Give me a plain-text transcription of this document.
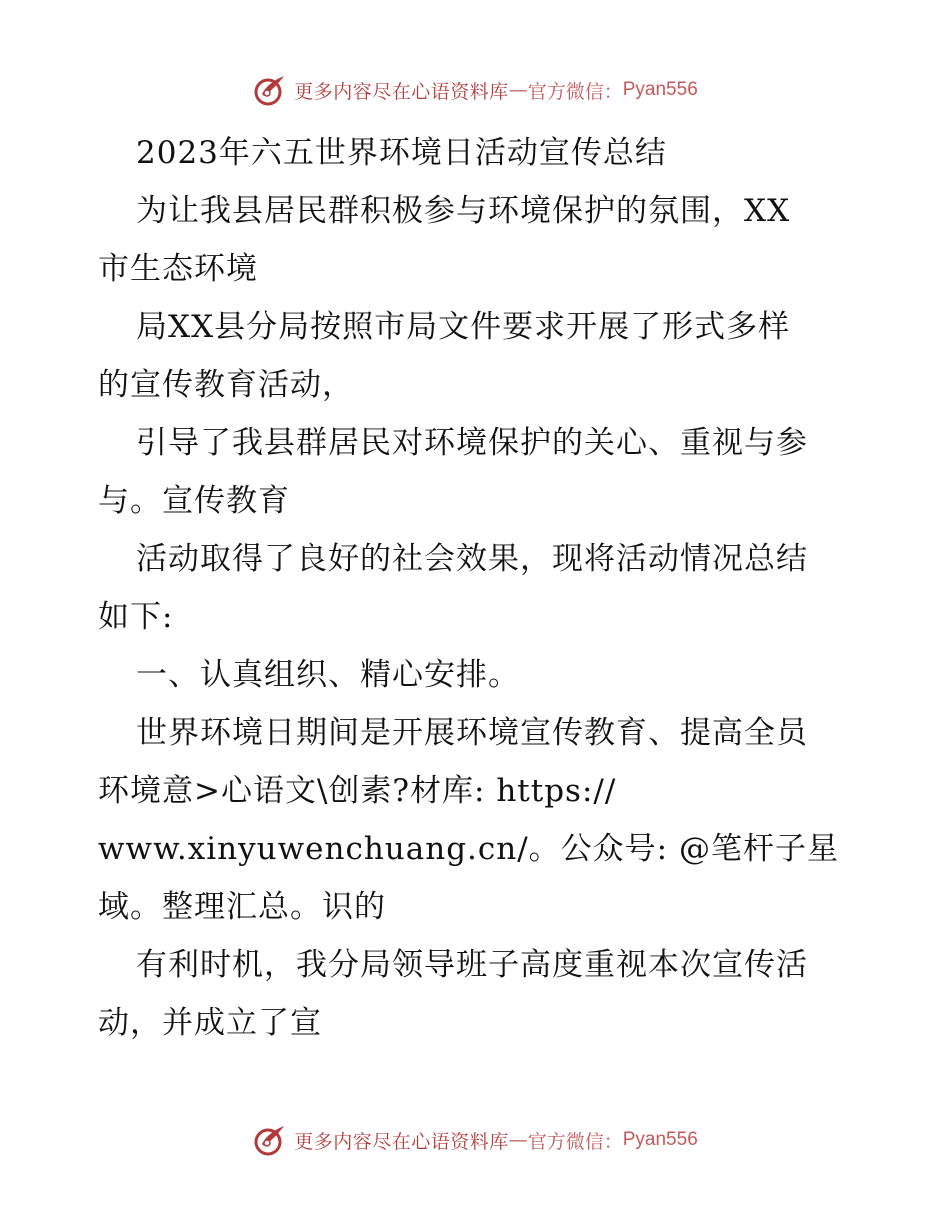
更多内容尽在心语资料库 — 官方微信： Pyan556
2023年六五世界环境日活动宣传总结
为让我县居民群积极参与环境保护的氛围，XX
市生态环境
局XX县分局按照市局文件要求开展了形式多样
的宣传教育活动，
引导了我县群居民对环境保护的关心、重视与参
与。宣传教育
活动取得了良好的社会效果，现将活动情况总结
如下:
一、认真组织、精心安排。
世界环境日期间是开展环境宣传教育、提高全员
环境意>心语文\创素?材库: https://
www.xinyuwenchuang.cn/。公众号: @笔杆子星
域。整理汇总。识的
有利时机，我分局领导班子高度重视本次宣传活
动，并成立了宣
更多内容尽在心语资料库 — 官方微信： Pyan556
